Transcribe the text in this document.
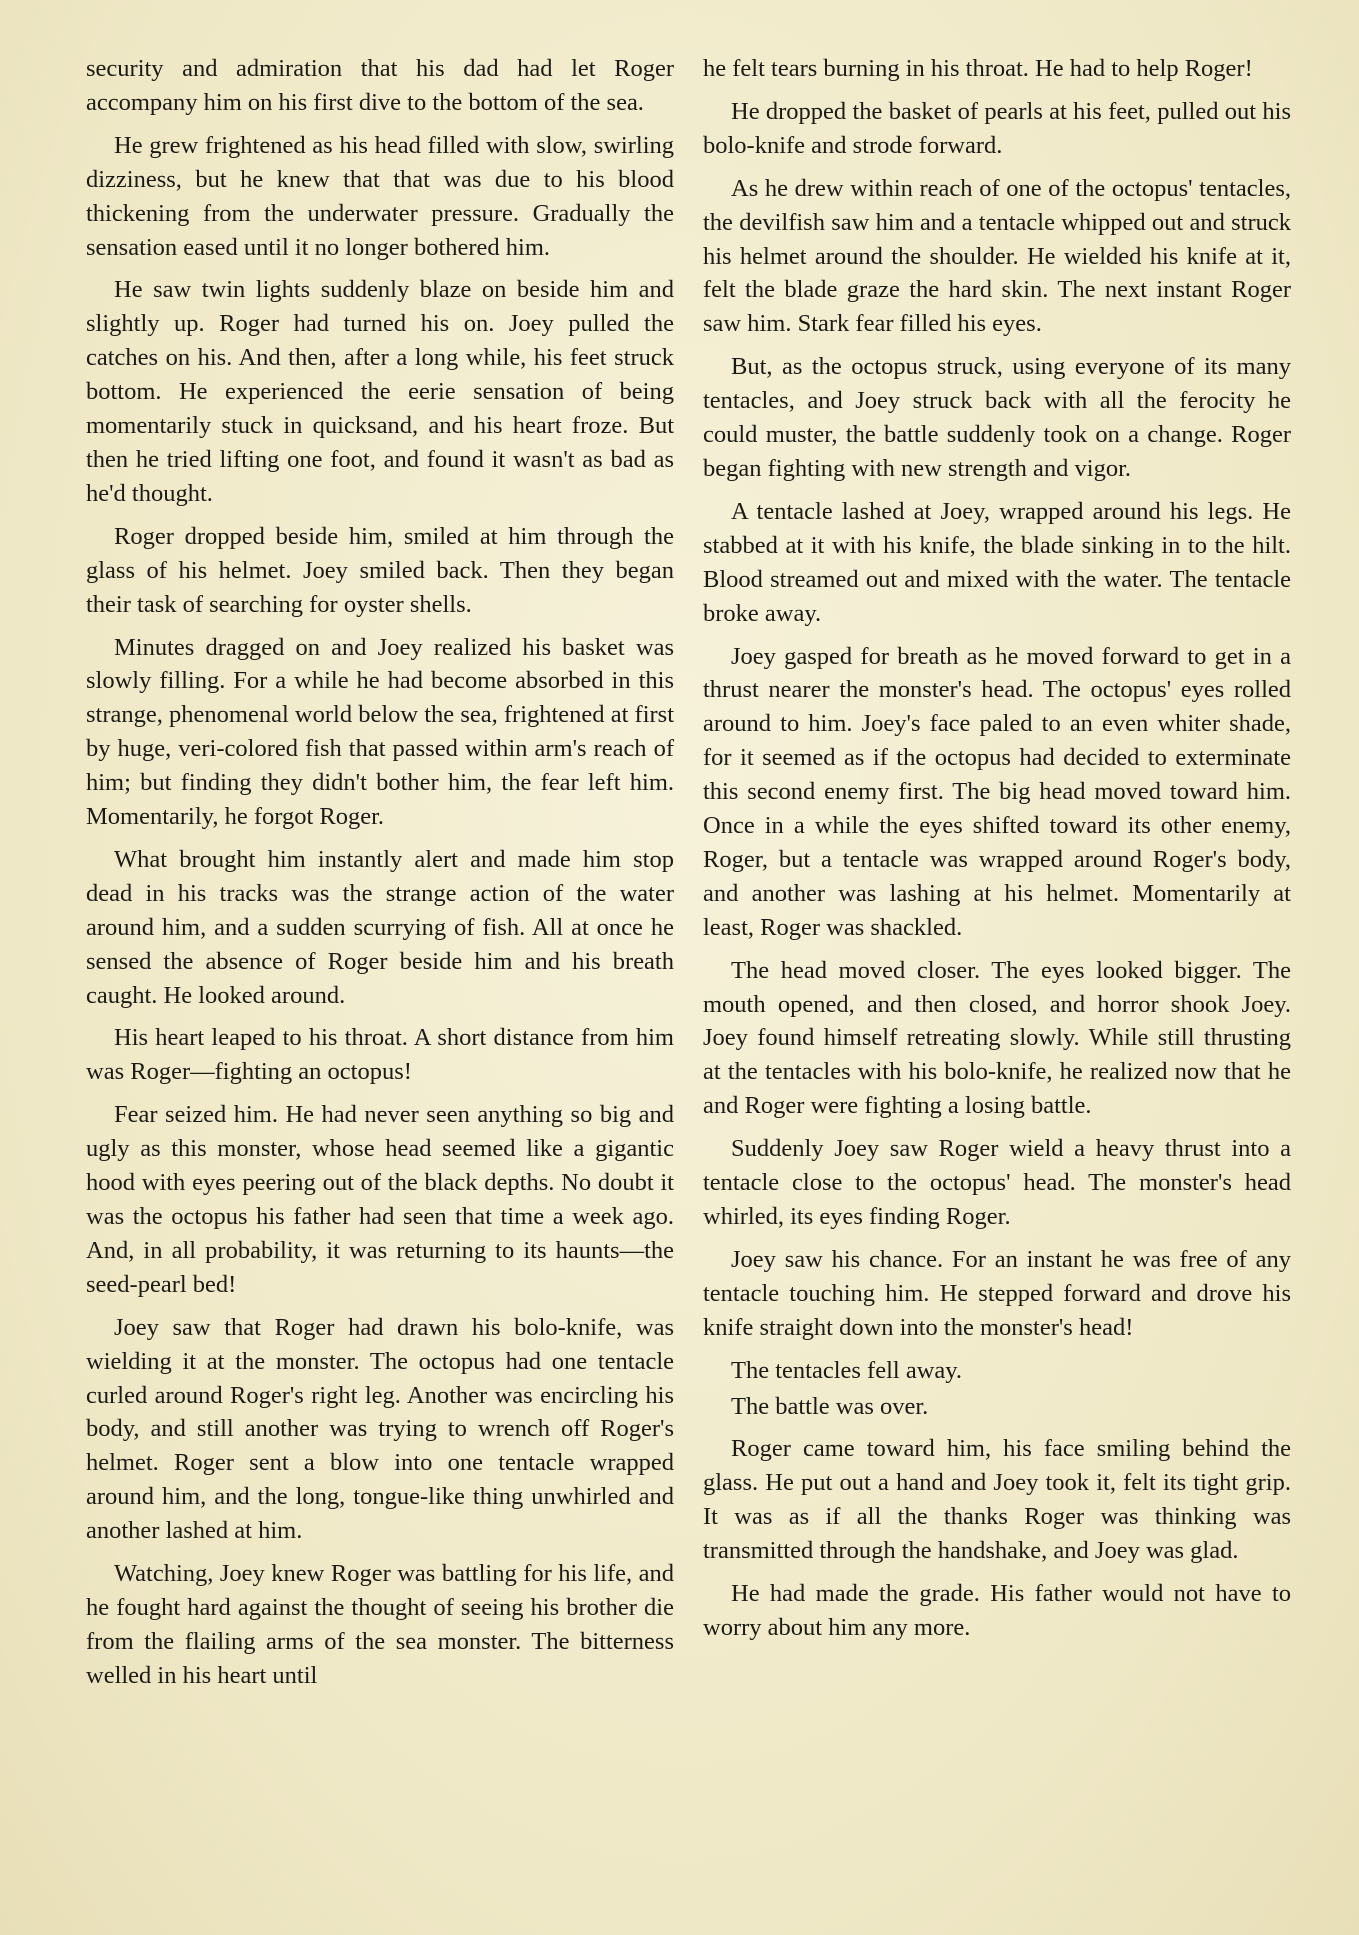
security and admiration that his dad had let Roger accompany him on his first dive to the bottom of the sea.

He grew frightened as his head filled with slow, swirling dizziness, but he knew that that was due to his blood thickening from the underwater pressure. Gradually the sensation eased until it no longer bothered him.

He saw twin lights suddenly blaze on beside him and slightly up. Roger had turned his on. Joey pulled the catches on his. And then, after a long while, his feet struck bottom. He experienced the eerie sensation of being momentarily stuck in quicksand, and his heart froze. But then he tried lifting one foot, and found it wasn't as bad as he'd thought.

Roger dropped beside him, smiled at him through the glass of his helmet. Joey smiled back. Then they began their task of searching for oyster shells.

Minutes dragged on and Joey realized his basket was slowly filling. For a while he had become absorbed in this strange, phenomenal world below the sea, frightened at first by huge, veri-colored fish that passed within arm's reach of him; but finding they didn't bother him, the fear left him. Momentarily, he forgot Roger.

What brought him instantly alert and made him stop dead in his tracks was the strange action of the water around him, and a sudden scurrying of fish. All at once he sensed the absence of Roger beside him and his breath caught. He looked around.

His heart leaped to his throat. A short distance from him was Roger—fighting an octopus!

Fear seized him. He had never seen anything so big and ugly as this monster, whose head seemed like a gigantic hood with eyes peering out of the black depths. No doubt it was the octopus his father had seen that time a week ago. And, in all probability, it was returning to its haunts—the seed-pearl bed!

Joey saw that Roger had drawn his bolo-knife, was wielding it at the monster. The octopus had one tentacle curled around Roger's right leg. Another was encircling his body, and still another was trying to wrench off Roger's helmet. Roger sent a blow into one tentacle wrapped around him, and the long, tongue-like thing unwhirled and another lashed at him.

Watching, Joey knew Roger was battling for his life, and he fought hard against the thought of seeing his brother die from the flailing arms of the sea monster. The bitterness welled in his heart until

he felt tears burning in his throat. He had to help Roger!

He dropped the basket of pearls at his feet, pulled out his bolo-knife and strode forward.

As he drew within reach of one of the octopus' tentacles, the devilfish saw him and a tentacle whipped out and struck his helmet around the shoulder. He wielded his knife at it, felt the blade graze the hard skin. The next instant Roger saw him. Stark fear filled his eyes.

But, as the octopus struck, using everyone of its many tentacles, and Joey struck back with all the ferocity he could muster, the battle suddenly took on a change. Roger began fighting with new strength and vigor.

A tentacle lashed at Joey, wrapped around his legs. He stabbed at it with his knife, the blade sinking in to the hilt. Blood streamed out and mixed with the water. The tentacle broke away.

Joey gasped for breath as he moved forward to get in a thrust nearer the monster's head. The octopus' eyes rolled around to him. Joey's face paled to an even whiter shade, for it seemed as if the octopus had decided to exterminate this second enemy first. The big head moved toward him. Once in a while the eyes shifted toward its other enemy, Roger, but a tentacle was wrapped around Roger's body, and another was lashing at his helmet. Momentarily at least, Roger was shackled.

The head moved closer. The eyes looked bigger. The mouth opened, and then closed, and horror shook Joey. Joey found himself retreating slowly. While still thrusting at the tentacles with his bolo-knife, he realized now that he and Roger were fighting a losing battle.

Suddenly Joey saw Roger wield a heavy thrust into a tentacle close to the octopus' head. The monster's head whirled, its eyes finding Roger.

Joey saw his chance. For an instant he was free of any tentacle touching him. He stepped forward and drove his knife straight down into the monster's head!

The tentacles fell away.

The battle was over.

Roger came toward him, his face smiling behind the glass. He put out a hand and Joey took it, felt its tight grip. It was as if all the thanks Roger was thinking was transmitted through the handshake, and Joey was glad.

He had made the grade. His father would not have to worry about him any more.
